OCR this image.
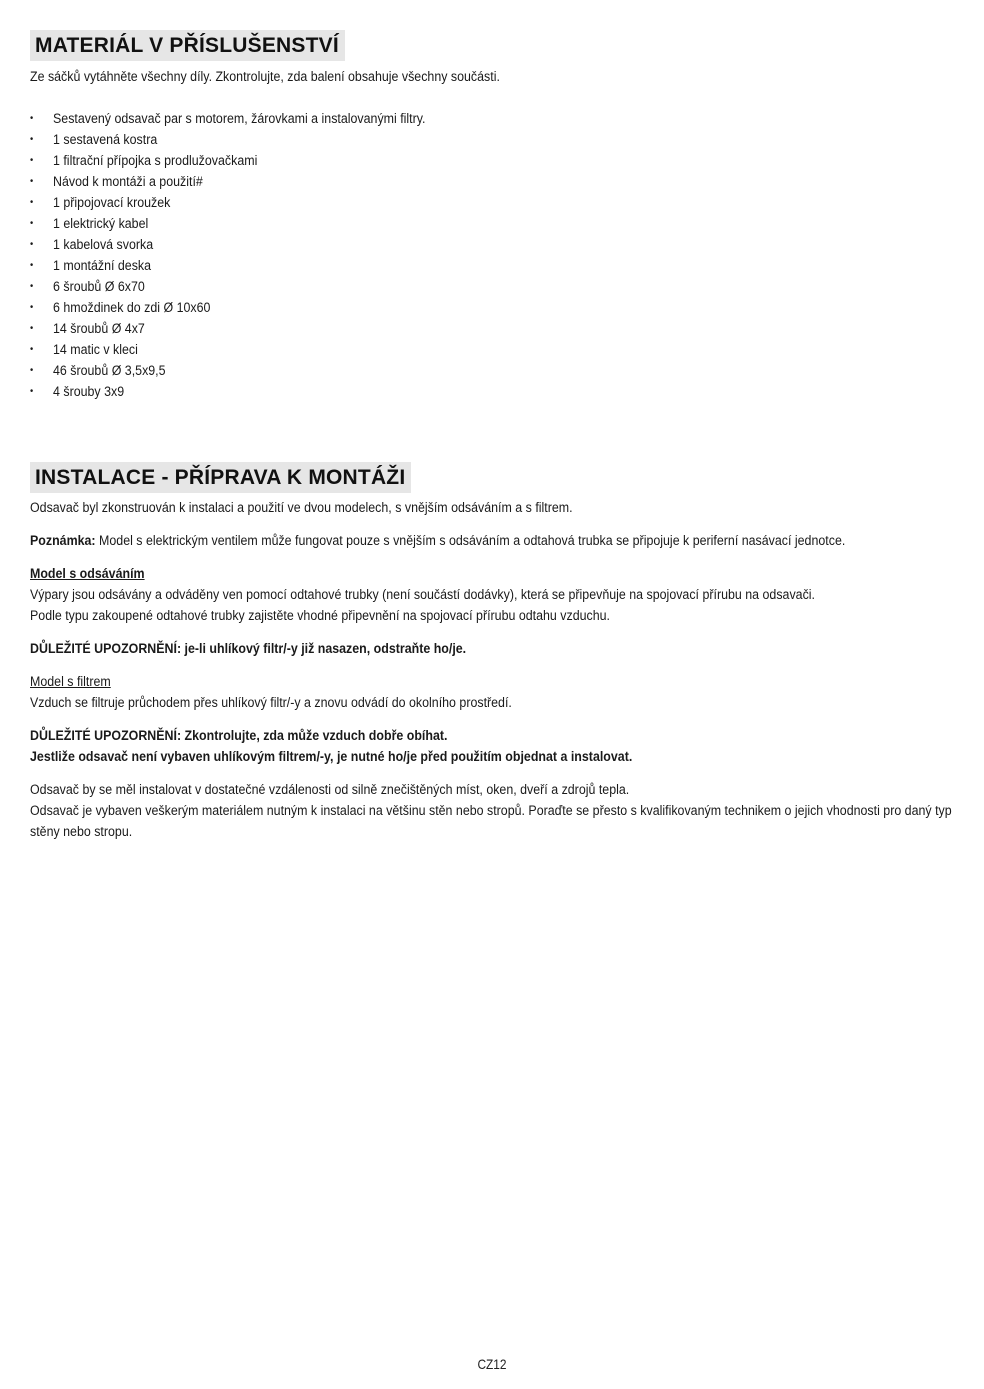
MATERIÁL V PŘÍSLUŠENSTVÍ

Ze sáčků vytáhněte všechny díly. Zkontrolujte, zda balení obsahuje všechny součásti.

• Sestavený odsavač par s motorem, žárovkami a instalovanými filtry.
• 1 sestavená kostra
• 1 filtrační přípojka s prodlužovačkami
• Návod k montáži a použití#
• 1 připojovací kroužek
• 1 elektrický kabel
• 1 kabelová svorka
• 1 montážní deska
• 6 šroubů Ø 6x70
• 6 hmoždinek do zdi Ø 10x60
• 14 šroubů Ø 4x7
• 14 matic v kleci
• 46 šroubů Ø 3,5x9,5
• 4 šrouby 3x9
INSTALACE - PŘÍPRAVA K MONTÁŽI

Odsavač byl zkonstruován k instalaci a použití ve dvou modelech, s vnějším odsáváním a s filtrem.

Poznámka: Model s elektrickým ventilem může fungovat pouze s vnějším s odsáváním a odtahová trubka se připojuje k periferní nasávací jednotce.

Model s odsáváním

Výpary jsou odsávány a odváděny ven pomocí odtahové trubky (není součástí dodávky), která se připevňuje na spojovací přírubu na odsavači.

Podle typu zakoupené odtahové trubky zajistěte vhodné připevnění na spojovací přírubu odtahu vzduchu.

DŮLEŽITÉ UPOZORNĚNÍ: je-li uhlíkový filtr/-y již nasazen, odstraňte ho/je.

Model s filtrem

Vzduch se filtruje průchodem přes uhlíkový filtr/-y a znovu odvádí do okolního prostředí.

DŮLEŽITÉ UPOZORNĚNÍ: Zkontrolujte, zda může vzduch dobře obíhat.

Jestliže odsavač není vybaven uhlíkovým filtrem/-y, je nutné ho/je před použitím objednat a instalovat.

Odsavač by se měl instalovat v dostatečné vzdálenosti od silně znečištěných míst, oken, dveří a zdrojů tepla.

Odsavač je vybaven veškerým materiálem nutným k instalaci na většinu stěn nebo stropů. Poraďte se přesto s kvalifikovaným technikem o jejich vhodnosti pro daný typ stěny nebo stropu.

CZ12
